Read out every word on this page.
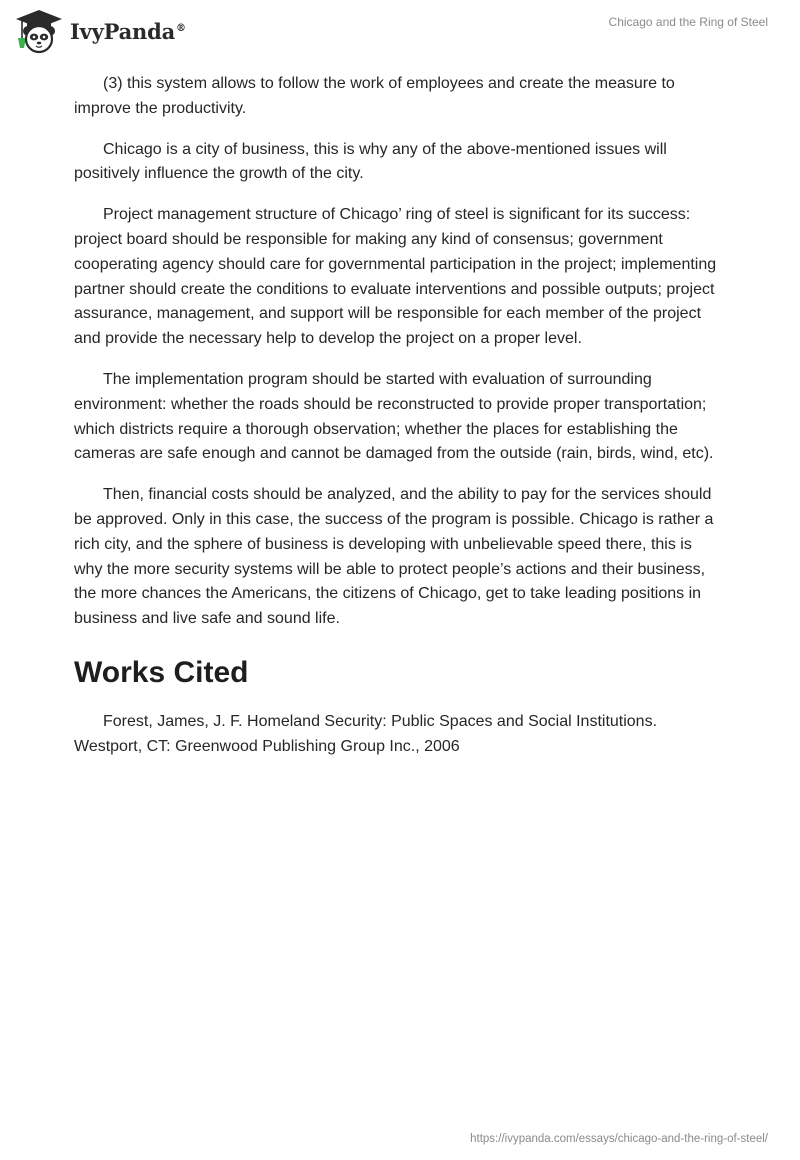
IvyPanda®	Chicago and the Ring of Steel

(3) this system allows to follow the work of employees and create the measure to improve the productivity.

Chicago is a city of business, this is why any of the above-mentioned issues will positively influence the growth of the city.

Project management structure of Chicago’ ring of steel is significant for its success: project board should be responsible for making any kind of consensus; government cooperating agency should care for governmental participation in the project; implementing partner should create the conditions to evaluate interventions and possible outputs; project assurance, management, and support will be responsible for each member of the project and provide the necessary help to develop the project on a proper level.

The implementation program should be started with evaluation of surrounding environment: whether the roads should be reconstructed to provide proper transportation; which districts require a thorough observation; whether the places for establishing the cameras are safe enough and cannot be damaged from the outside (rain, birds, wind, etc).

Then, financial costs should be analyzed, and the ability to pay for the services should be approved. Only in this case, the success of the program is possible. Chicago is rather a rich city, and the sphere of business is developing with unbelievable speed there, this is why the more security systems will be able to protect people’s actions and their business, the more chances the Americans, the citizens of Chicago, get to take leading positions in business and live safe and sound life.

Works Cited

Forest, James, J. F. Homeland Security: Public Spaces and Social Institutions. Westport, CT: Greenwood Publishing Group Inc., 2006

https://ivypanda.com/essays/chicago-and-the-ring-of-steel/
